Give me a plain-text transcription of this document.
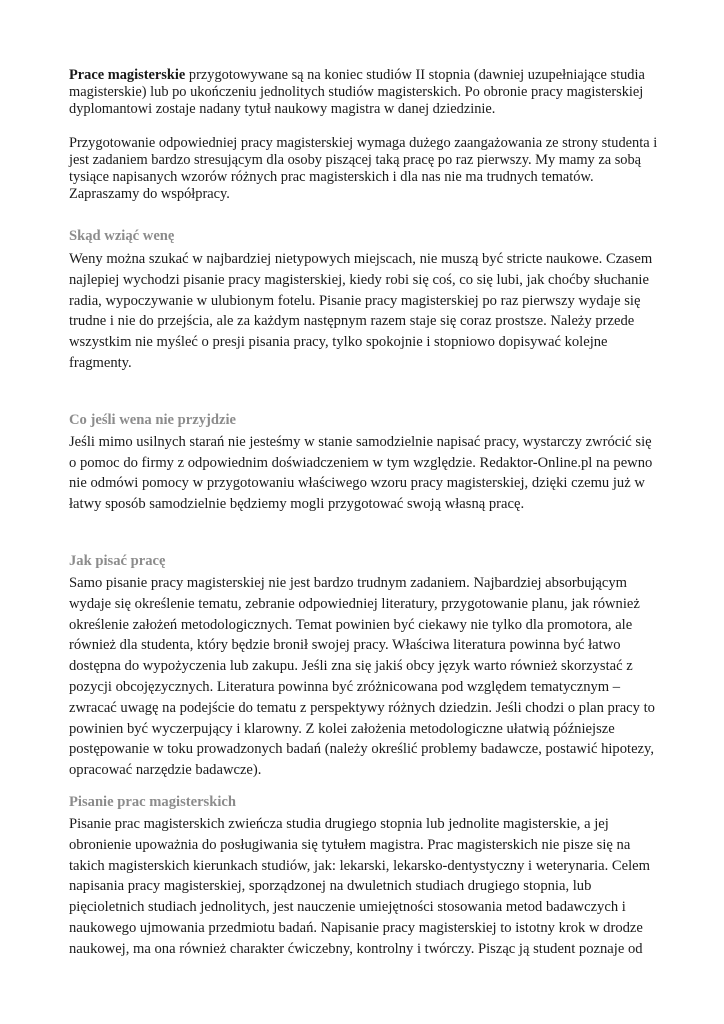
Prace magisterskie przygotowywane są na koniec studiów II stopnia (dawniej uzupełniające studia magisterskie) lub po ukończeniu jednolitych studiów magisterskich. Po obronie pracy magisterskiej dyplomantowi zostaje nadany tytuł naukowy magistra w danej dziedzinie.

Przygotowanie odpowiedniej pracy magisterskiej wymaga dużego zaangażowania ze strony studenta i jest zadaniem bardzo stresującym dla osoby piszącej taką pracę po raz pierwszy. My mamy za sobą tysiące napisanych wzorów różnych prac magisterskich i dla nas nie ma trudnych tematów. Zapraszamy do współpracy.

Skąd wziąć wenę

Weny można szukać w najbardziej nietypowych miejscach, nie muszą być stricte naukowe. Czasem najlepiej wychodzi pisanie pracy magisterskiej, kiedy robi się coś, co się lubi, jak choćby słuchanie radia, wypoczywanie w ulubionym fotelu. Pisanie pracy magisterskiej po raz pierwszy wydaje się trudne i nie do przejścia, ale za każdym następnym razem staje się coraz prostsze. Należy przede wszystkim nie myśleć o presji pisania pracy, tylko spokojnie i stopniowo dopisywać kolejne fragmenty.

Co jeśli wena nie przyjdzie

Jeśli mimo usilnych starań nie jesteśmy w stanie samodzielnie napisać pracy, wystarczy zwrócić się o pomoc do firmy z odpowiednim doświadczeniem w tym względzie. Redaktor-Online.pl na pewno nie odmówi pomocy w przygotowaniu właściwego wzoru pracy magisterskiej, dzięki czemu już w łatwy sposób samodzielnie będziemy mogli przygotować swoją własną pracę.

Jak pisać pracę

Samo pisanie pracy magisterskiej nie jest bardzo trudnym zadaniem. Najbardziej absorbującym wydaje się określenie tematu, zebranie odpowiedniej literatury, przygotowanie planu, jak również określenie założeń metodologicznych. Temat powinien być ciekawy nie tylko dla promotora, ale również dla studenta, który będzie bronił swojej pracy. Właściwa literatura powinna być łatwo dostępna do wypożyczenia lub zakupu. Jeśli zna się jakiś obcy język warto również skorzystać z pozycji obcojęzycznych. Literatura powinna być zróżnicowana pod względem tematycznym – zwracać uwagę na podejście do tematu z perspektywy różnych dziedzin. Jeśli chodzi o plan pracy to powinien być wyczerpujący i klarowny. Z kolei założenia metodologiczne ułatwią późniejsze postępowanie w toku prowadzonych badań (należy określić problemy badawcze, postawić hipotezy, opracować narzędzie badawcze).

Pisanie prac magisterskich

Pisanie prac magisterskich zwieńcza studia drugiego stopnia lub jednolite magisterskie, a jej obronienie upoważnia do posługiwania się tytułem magistra. Prac magisterskich nie pisze się na takich magisterskich kierunkach studiów, jak: lekarski, lekarsko-dentystyczny i weterynaria. Celem napisania pracy magisterskiej, sporządzonej na dwuletnich studiach drugiego stopnia, lub pięcioletnich studiach jednolitych, jest nauczenie umiejętności stosowania metod badawczych i naukowego ujmowania przedmiotu badań. Napisanie pracy magisterskiej to istotny krok w drodze naukowej, ma ona również charakter ćwiczebny, kontrolny i twórczy. Pisząc ją student poznaje od
